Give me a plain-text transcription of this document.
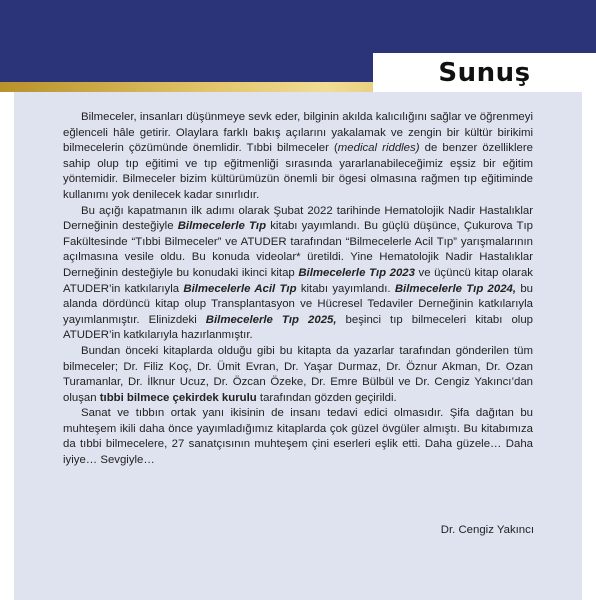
Sunuş

Bilmeceler, insanları düşünmeye sevk eder, bilginin akılda kalıcılığını sağlar ve öğrenmeyi eğlenceli hâle getirir. Olaylara farklı bakış açılarını yakalamak ve zengin bir kültür birikimi bilmecelerin çözümünde önemlidir. Tıbbi bilmeceler (medical riddles) de benzer özelliklere sahip olup tıp eğitimi ve tıp eğitmenliği sırasında yararlanabileceğimiz eşsiz bir eğitim yöntemidir. Bilmeceler bizim kültürümüzün önemli bir ögesi olmasına rağmen tıp eğitiminde kullanımı yok denilecek kadar sınırlıdır.

Bu açığı kapatmanın ilk adımı olarak Şubat 2022 tarihinde Hematolojik Nadir Hastalıklar Derneğinin desteğiyle Bilmecelerle Tıp kitabı yayımlandı. Bu güçlü düşünce, Çukurova Tıp Fakültesinde “Tıbbi Bilmeceler” ve ATUDER tarafından “Bilmecelerle Acil Tıp” yarışmalarının açılmasına vesile oldu. Bu konuda videolar* üretildi. Yine Hematolojik Nadir Hastalıklar Derneğinin desteğiyle bu konudaki ikinci kitap Bilmecelerle Tıp 2023 ve üçüncü kitap olarak ATUDER’in katkılarıyla Bilmecelerle Acil Tıp kitabı yayımlandı. Bilmecelerle Tıp 2024, bu alanda dördüncü kitap olup Transplantasyon ve Hücresel Tedaviler Derneğinin katkılarıyla yayımlanmıştır. Elinizdeki Bilmecelerle Tıp 2025, beşinci tıp bilmeceleri kitabı olup ATUDER’in katkılarıyla hazırlanmıştır.

Bundan önceki kitaplarda olduğu gibi bu kitapta da yazarlar tarafından gönderilen tüm bilmeceler; Dr. Filiz Koç, Dr. Ümit Evran, Dr. Yaşar Durmaz, Dr. Öznur Akman, Dr. Ozan Turamanlar, Dr. İlknur Ucuz, Dr. Özcan Özeke, Dr. Emre Bülbül ve Dr. Cengiz Yakıncı’dan oluşan tıbbi bilmece çekirdek kurulu tarafından gözden geçirildi.

Sanat ve tıbbın ortak yanı ikisinin de insanı tedavi edici olmasıdır. Şifa dağıtan bu muhteşem ikili daha önce yayımladığımız kitaplarda çok güzel övgüler almıştı. Bu kitabımıza da tıbbi bilmecelere, 27 sanatçısının muhteşem çini eserleri eşlik etti. Daha güzele… Daha iyiye… Sevgiyle…

Dr. Cengiz Yakıncı
